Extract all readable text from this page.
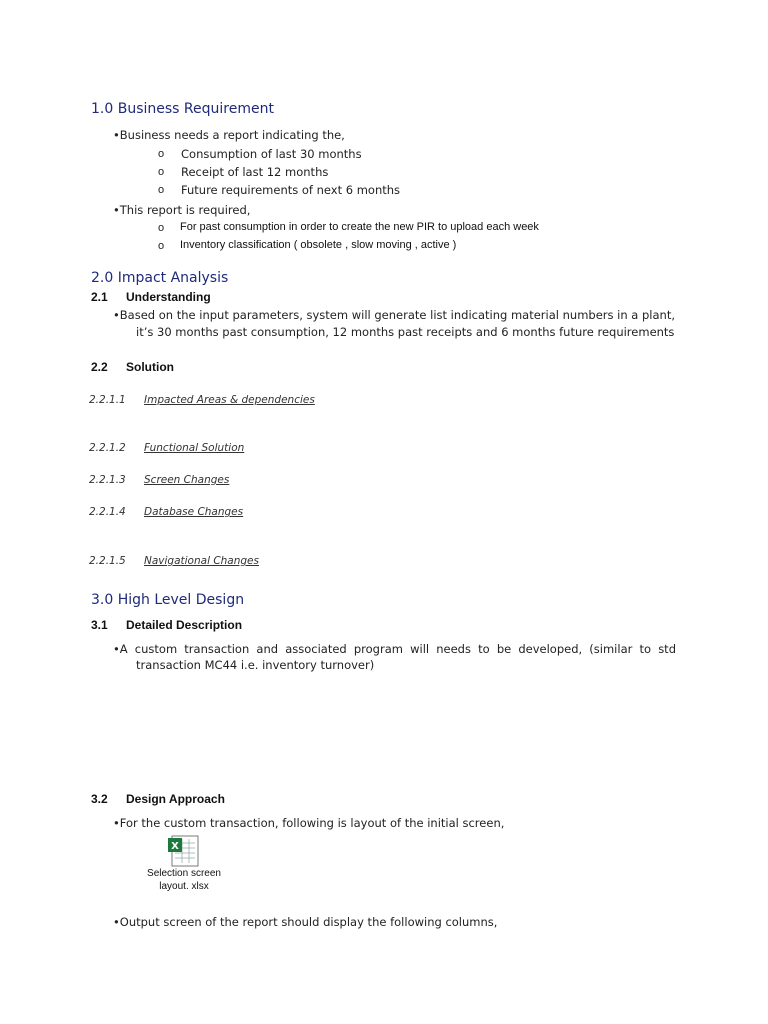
1.0 Business Requirement
•Business needs a report indicating the,
o Consumption of last 30 months
o Receipt of last 12 months
o Future requirements of next 6 months
•This report is required,
o For past consumption in order to create the new PIR to upload each week
o Inventory classification ( obsolete , slow moving , active )
2.0 Impact Analysis
2.1 Understanding
•Based on the input parameters, system will generate list indicating material numbers in a plant,
it’s 30 months past consumption, 12 months past receipts and 6 months future requirements
2.2 Solution
2.2.1.1 Impacted Areas & dependencies
2.2.1.2 Functional Solution
2.2.1.3 Screen Changes
2.2.1.4 Database Changes
2.2.1.5 Navigational Changes
3.0 High Level Design
3.1 Detailed Description
•A custom transaction and associated program will needs to be developed, (similar to std
transaction MC44 i.e. inventory turnover)
3.2 Design Approach
•For the custom transaction, following is layout of the initial screen,
X
Selection screen
layout. xlsx
•Output screen of the report should display the following columns,
